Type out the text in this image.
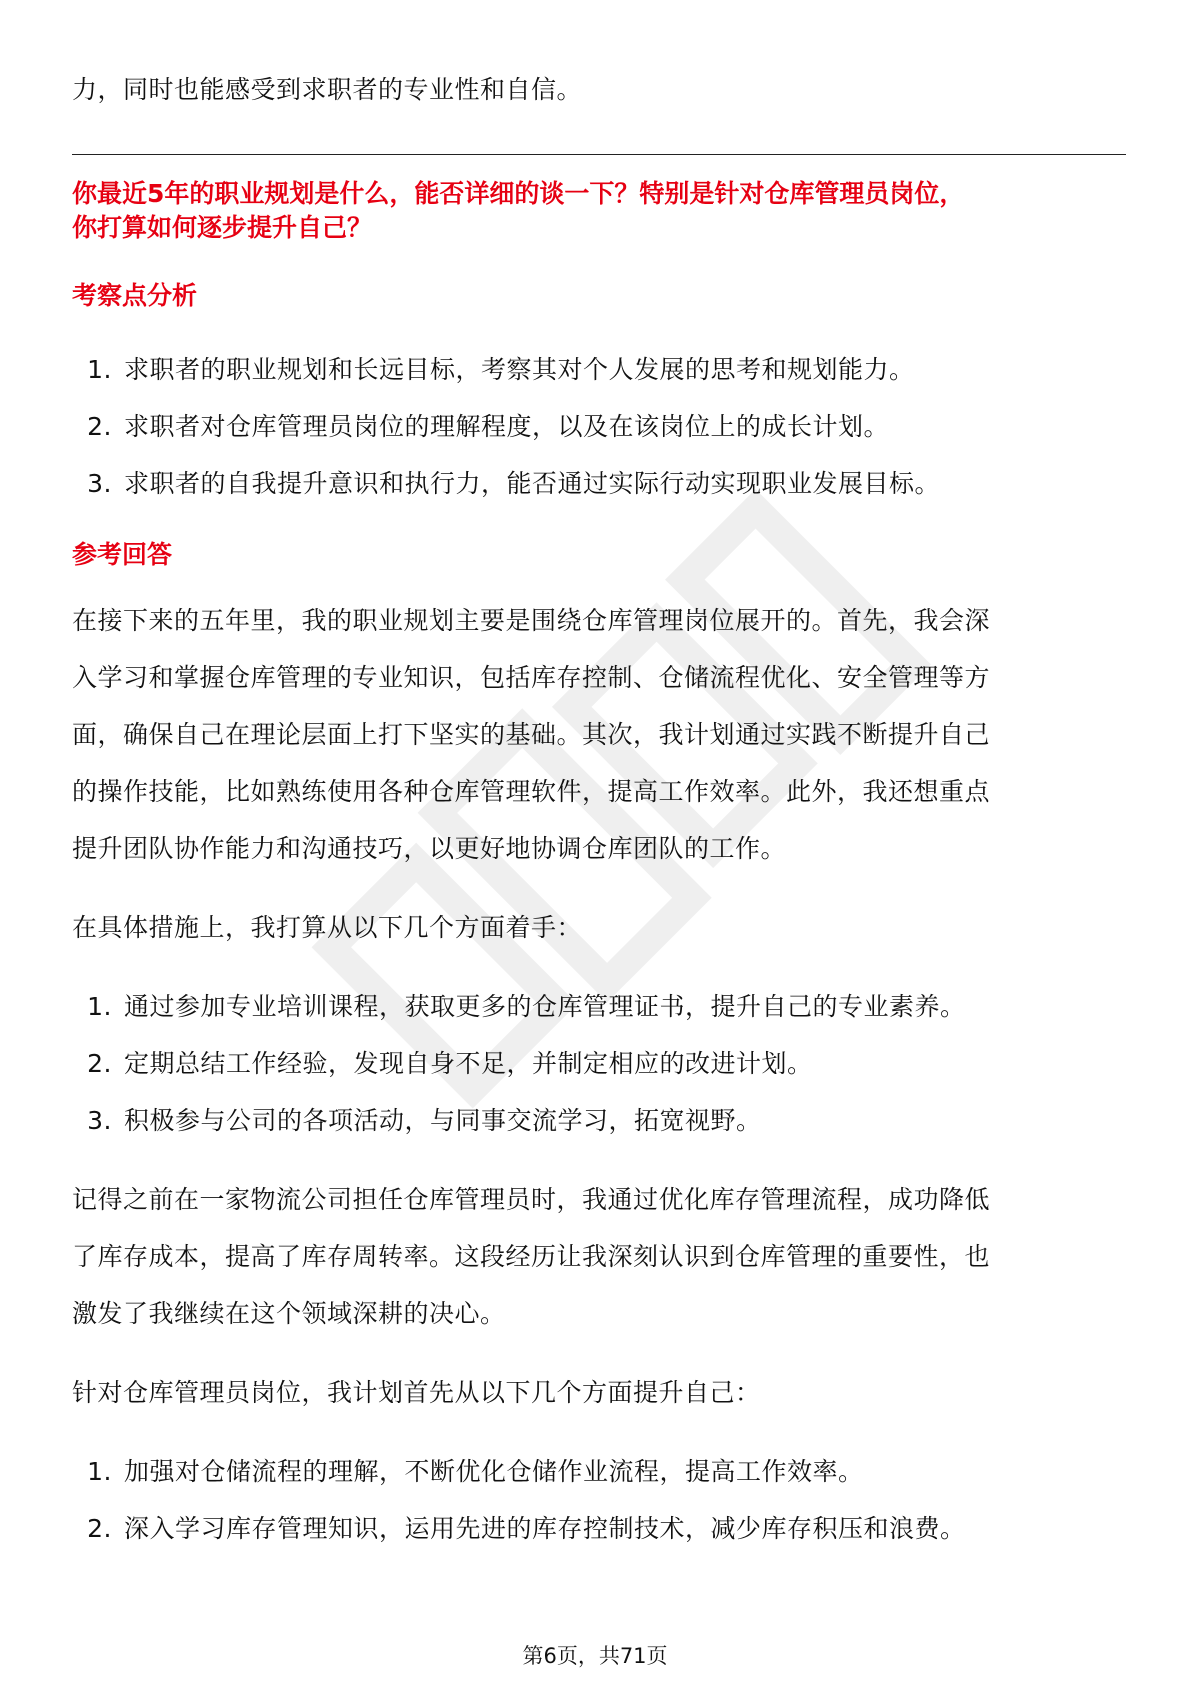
力，同时也能感受到求职者的专业性和自信。

你最近5年的职业规划是什么，能否详细的谈一下？特别是针对仓库管理员岗位，

你打算如何逐步提升自己？

考察点分析
1. 求职者的职业规划和长远目标，考察其对个人发展的思考和规划能力。
2. 求职者对仓库管理员岗位的理解程度，以及在该岗位上的成长计划。
3. 求职者的自我提升意识和执行力，能否通过实际行动实现职业发展目标。
参考回答

在接下来的五年里，我的职业规划主要是围绕仓库管理岗位展开的。首先，我会深

入学习和掌握仓库管理的专业知识，包括库存控制、仓储流程优化、安全管理等方

面，确保自己在理论层面上打下坚实的基础。其次，我计划通过实践不断提升自己

的操作技能，比如熟练使用各种仓库管理软件，提高工作效率。此外，我还想重点

提升团队协作能力和沟通技巧，以更好地协调仓库团队的工作。

在具体措施上，我打算从以下几个方面着手：

1. 通过参加专业培训课程，获取更多的仓库管理证书，提升自己的专业素养。
2. 定期总结工作经验，发现自身不足，并制定相应的改进计划。
3. 积极参与公司的各项活动，与同事交流学习，拓宽视野。

记得之前在一家物流公司担任仓库管理员时，我通过优化库存管理流程，成功降低

了库存成本，提高了库存周转率。这段经历让我深刻认识到仓库管理的重要性，也

激发了我继续在这个领域深耕的决心。

针对仓库管理员岗位，我计划首先从以下几个方面提升自己：

1. 加强对仓储流程的理解，不断优化仓储作业流程，提高工作效率。
2. 深入学习库存管理知识，运用先进的库存控制技术，减少库存积压和浪费。
第6页，共71页
